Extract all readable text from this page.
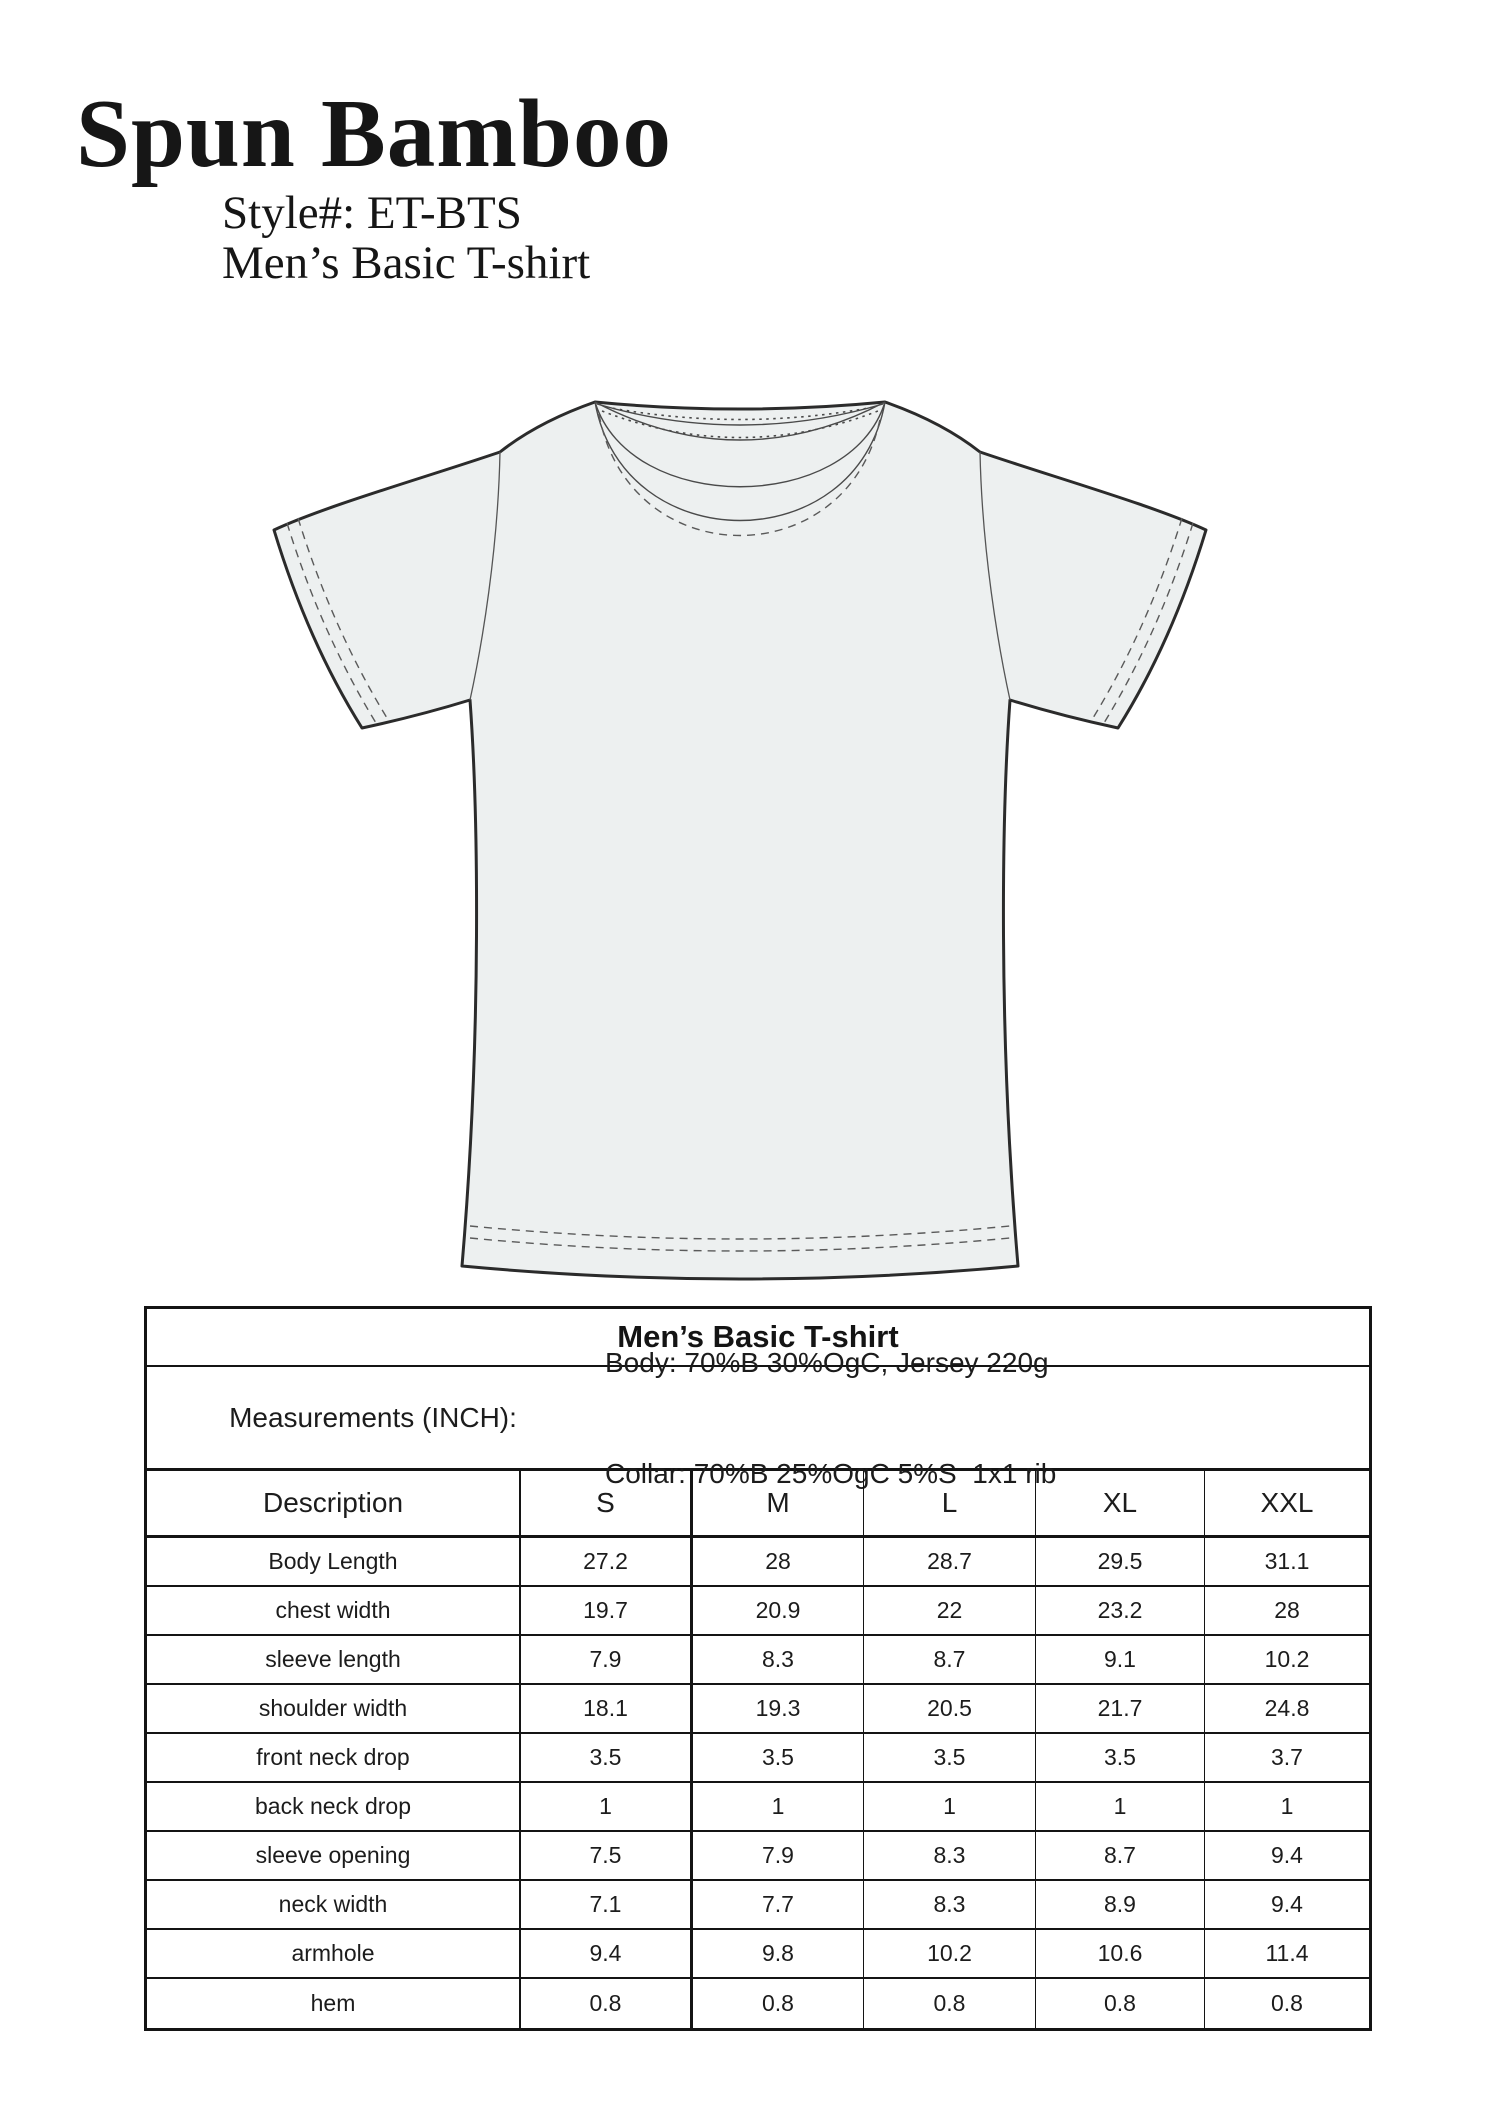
Spun Bamboo
Style#: ET-BTS
Men’s Basic T-shirt
Men’s Basic T-shirt
Measurements (INCH):

Body: 70%B 30%OgC, Jersey 220g

Collar: 70%B 25%OgC 5%S  1x1 rib

Description	S	M	L	XL	XXL
Body Length	27.2	28	28.7	29.5	31.1
chest width	19.7	20.9	22	23.2	28
sleeve length	7.9	8.3	8.7	9.1	10.2
shoulder width	18.1	19.3	20.5	21.7	24.8
front neck drop	3.5	3.5	3.5	3.5	3.7
back neck drop	1	1	1	1	1
sleeve opening	7.5	7.9	8.3	8.7	9.4
neck width	7.1	7.7	8.3	8.9	9.4
armhole	9.4	9.8	10.2	10.6	11.4
hem	0.8	0.8	0.8	0.8	0.8
